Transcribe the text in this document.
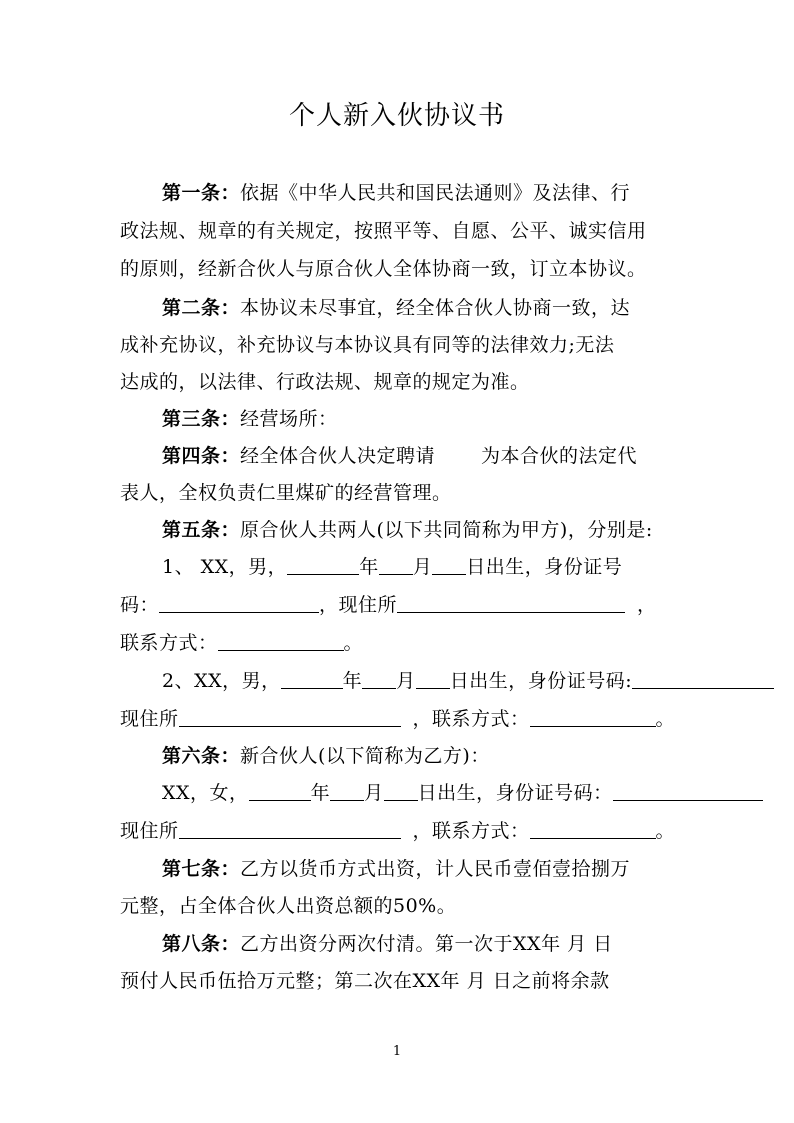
个人新入伙协议书
第一条：依据《中华人民共和国民法通则》及法律、行
政法规、规章的有关规定，按照平等、自愿、公平、诚实信用
的原则，经新合伙人与原合伙人全体协商一致，订立本协议。
第二条：本协议未尽事宜，经全体合伙人协商一致，达
成补充协议，补充协议与本协议具有同等的法律效力;无法
达成的，以法律、行政法规、规章的规定为准。
第三条：经营场所：
第四条：经全体合伙人决定聘请 为本合伙的法定代
表人，全权负责仁里煤矿的经营管理。
第五条：原合伙人共两人(以下共同简称为甲方)，分别是:
1、 XX，男，	年 月 日出生，身份证号
码：	，现住所	，
联系方式：	。
2、XX，男，	年 月 日出生，身份证号码:
现住所	，联系方式：	。
第六条：新合伙人(以下简称为乙方)：
XX，女，	年 月 日出生，身份证号码：
现住所	，联系方式：	。
第七条：乙方以货币方式出资，计人民币壹佰壹拾捌万
元整，占全体合伙人出资总额的50%。
第八条：乙方出资分两次付清。第一次于XX年 月 日
预付人民币伍拾万元整；第二次在XX年 月 日之前将余款
1
